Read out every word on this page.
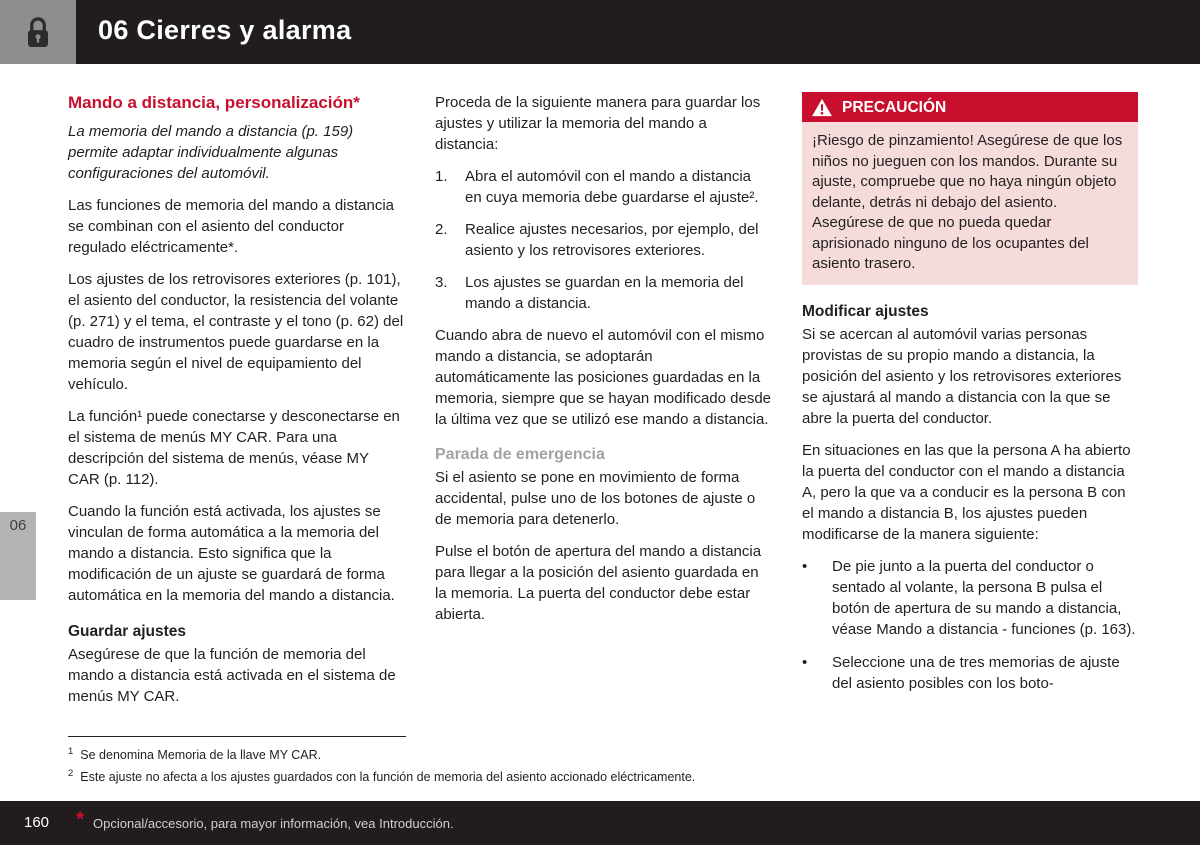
06 Cierres y alarma
06
Mando a distancia, personalización*

La memoria del mando a distancia (p. 159) permite adaptar individualmente algunas configuraciones del automóvil.

Las funciones de memoria del mando a distancia se combinan con el asiento del conductor regulado eléctricamente*.

Los ajustes de los retrovisores exteriores (p. 101), el asiento del conductor, la resistencia del volante (p. 271) y el tema, el contraste y el tono (p. 62) del cuadro de instrumentos puede guardarse en la memoria según el nivel de equipamiento del vehículo.

La función¹ puede conectarse y desconectarse en el sistema de menús MY CAR. Para una descripción del sistema de menús, véase MY CAR (p. 112).

Cuando la función está activada, los ajustes se vinculan de forma automática a la memoria del mando a distancia. Esto significa que la modificación de un ajuste se guardará de forma automática en la memoria del mando a distancia.

Guardar ajustes

Asegúrese de que la función de memoria del mando a distancia está activada en el sistema de menús MY CAR.

Proceda de la siguiente manera para guardar los ajustes y utilizar la memoria del mando a distancia:

1.	Abra el automóvil con el mando a distancia en cuya memoria debe guardarse el ajuste².
2.	Realice ajustes necesarios, por ejemplo, del asiento y los retrovisores exteriores.
3.	Los ajustes se guardan en la memoria del mando a distancia.

Cuando abra de nuevo el automóvil con el mismo mando a distancia, se adoptarán automáticamente las posiciones guardadas en la memoria, siempre que se hayan modificado desde la última vez que se utilizó ese mando a distancia.

Parada de emergencia

Si el asiento se pone en movimiento de forma accidental, pulse uno de los botones de ajuste o de memoria para detenerlo.

Pulse el botón de apertura del mando a distancia para llegar a la posición del asiento guardada en la memoria. La puerta del conductor debe estar abierta.

PRECAUCIÓN
¡Riesgo de pinzamiento! Asegúrese de que los niños no jueguen con los mandos. Durante su ajuste, compruebe que no haya ningún objeto delante, detrás ni debajo del asiento. Asegúrese de que no pueda quedar aprisionado ninguno de los ocupantes del asiento trasero.
Modificar ajustes

Si se acercan al automóvil varias personas provistas de su propio mando a distancia, la posición del asiento y los retrovisores exteriores se ajustará al mando a distancia con la que se abre la puerta del conductor.

En situaciones en las que la persona A ha abierto la puerta del conductor con el mando a distancia A, pero la que va a conducir es la persona B con el mando a distancia B, los ajustes pueden modificarse de la manera siguiente:

•	De pie junto a la puerta del conductor o sentado al volante, la persona B pulsa el botón de apertura de su mando a distancia, véase Mando a distancia - funciones (p. 163).
•	Seleccione una de tres memorias de ajuste del asiento posibles con los boto-
$^1$ Se denomina Memoria de la llave MY CAR.
$^2$ Este ajuste no afecta a los ajustes guardados con la función de memoria del asiento accionado eléctricamente.
160 * Opcional/accesorio, para mayor información, vea Introducción.
